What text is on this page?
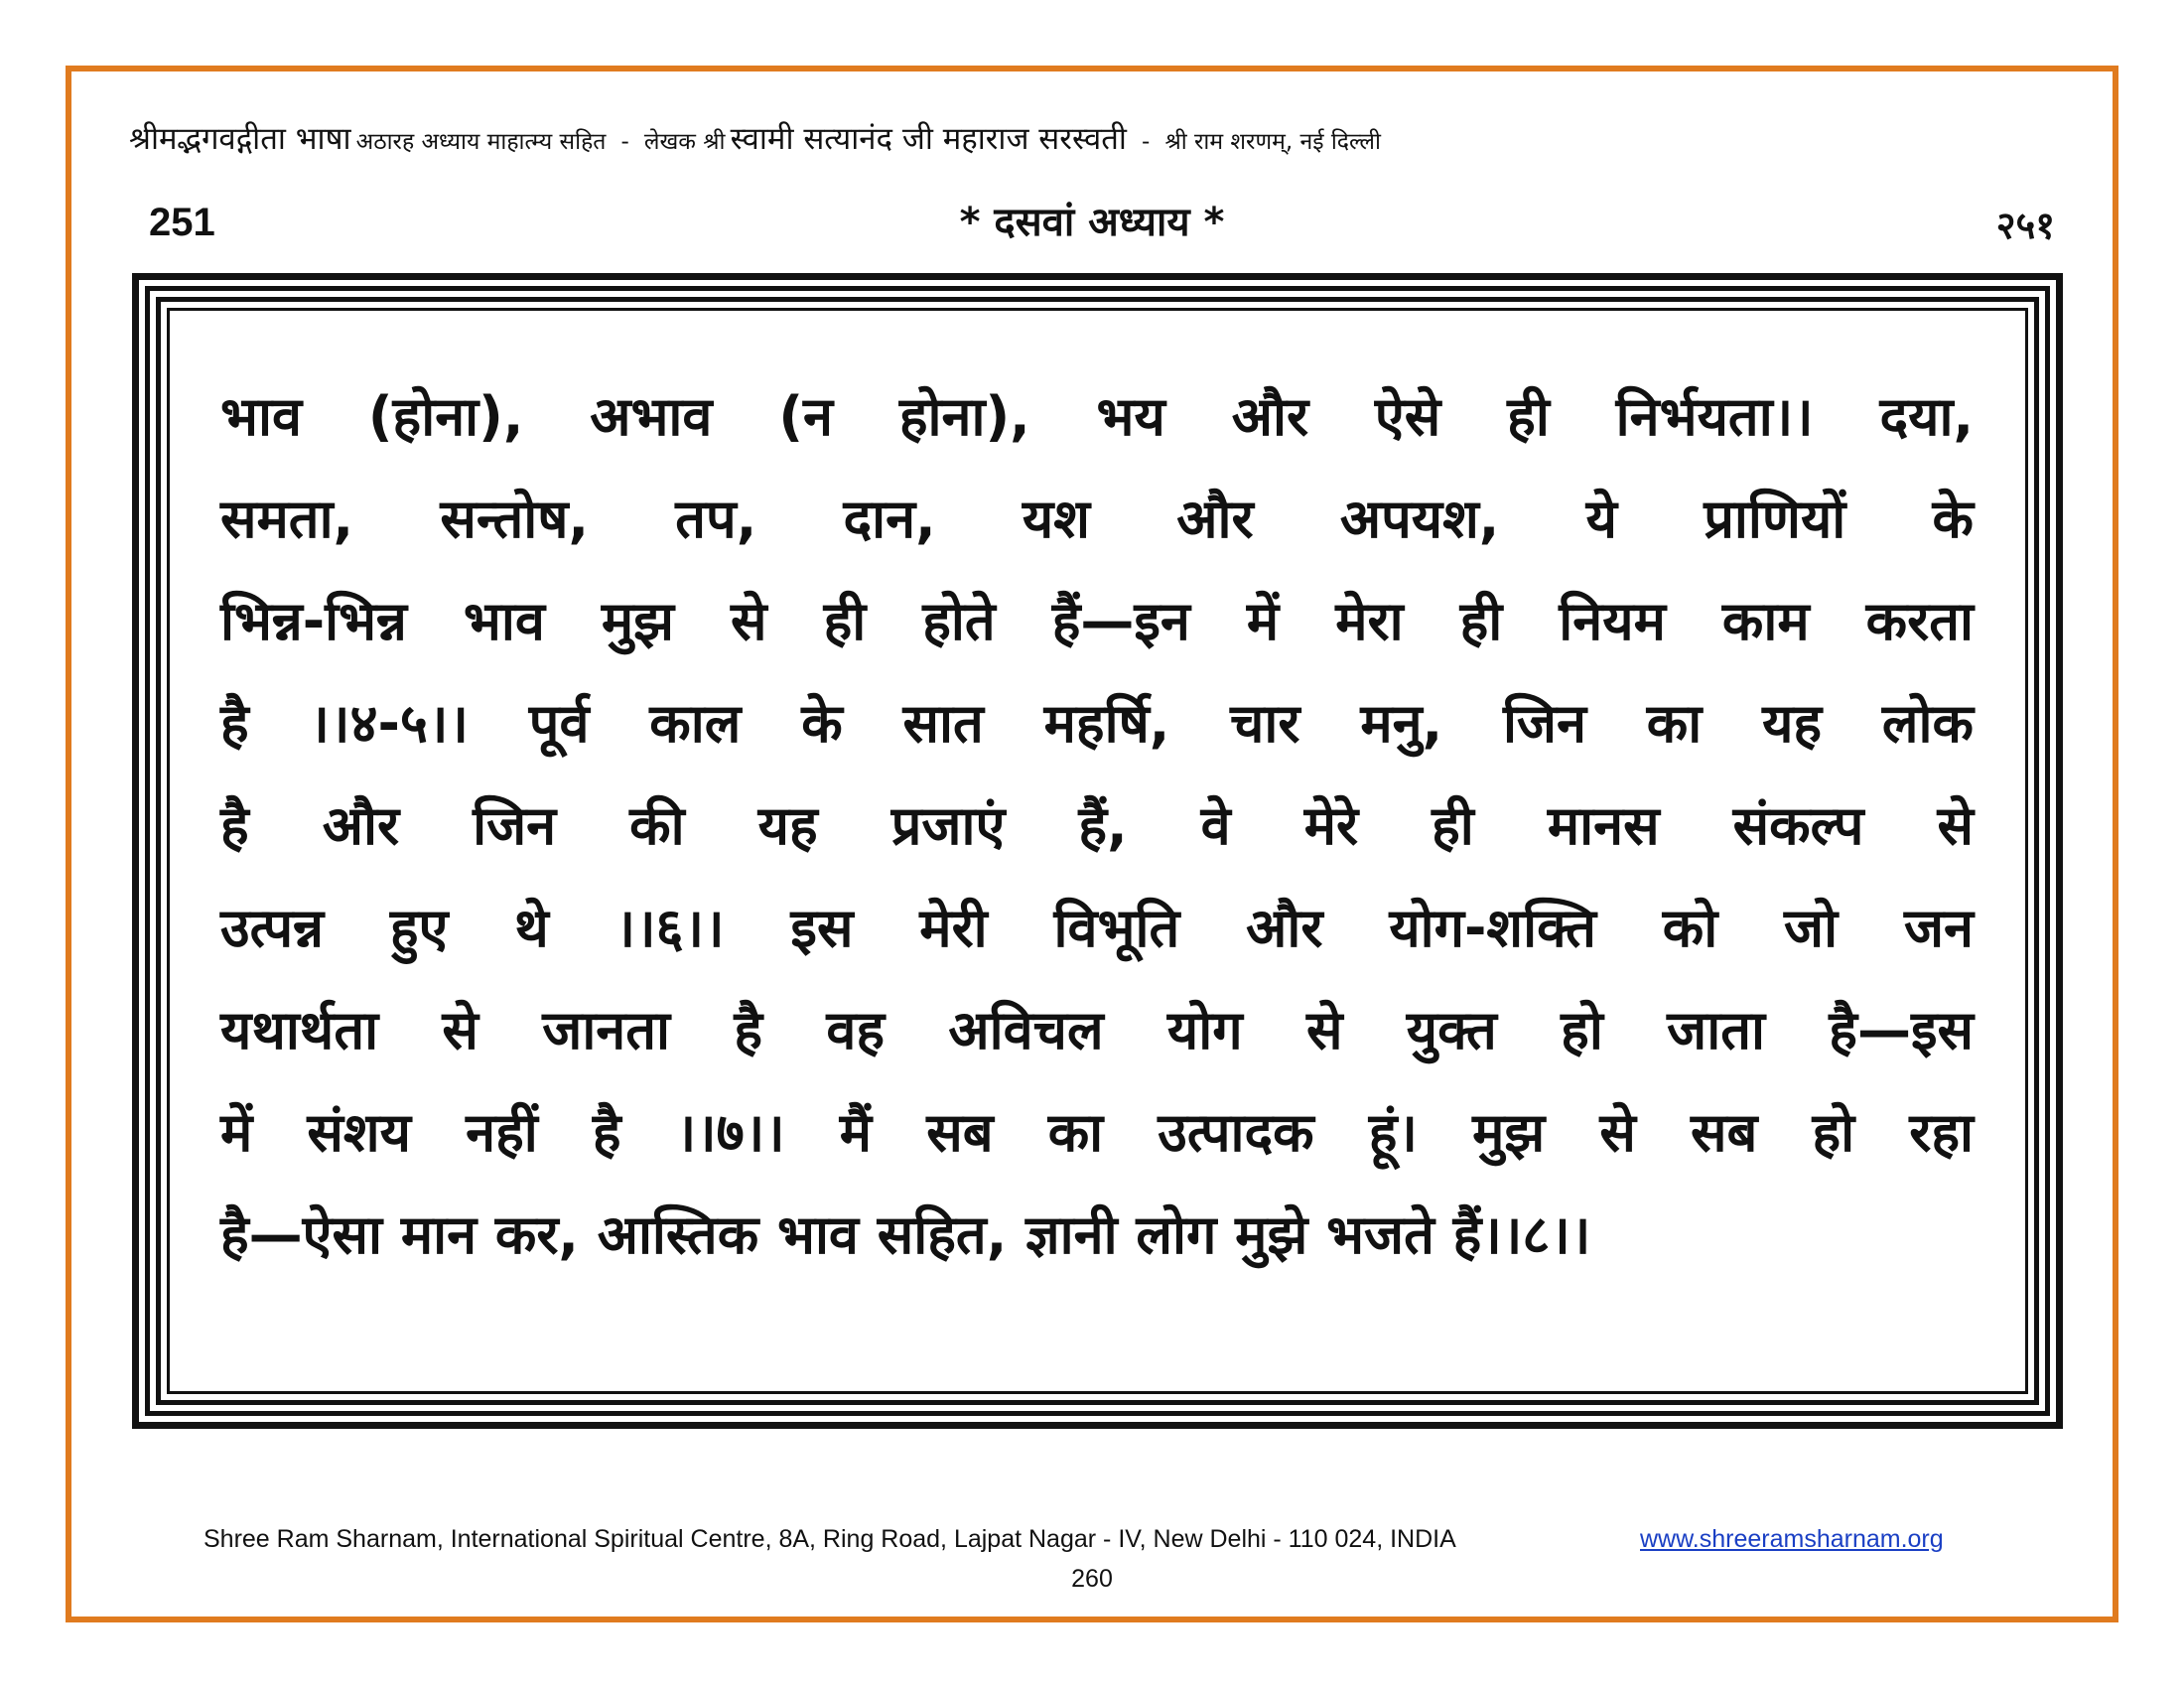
श्रीमद्भगवद्गीता भाषा अठारह अध्याय माहात्म्य सहित - लेखक श्री स्वामी सत्यानंद जी महाराज सरस्वती - श्री राम शरणम्, नई दिल्ली
251	* दसवां अध्याय *	२५१
भाव (होना), अभाव (न होना), भय और ऐसे ही निर्भयता।। दया,
समता, सन्तोष, तप, दान, यश और अपयश, ये प्राणियों के
भिन्न-भिन्न भाव मुझ से ही होते हैं—इन में मेरा ही नियम काम करता
है ।।४-५।। पूर्व काल के सात महर्षि, चार मनु, जिन का यह लोक
है और जिन की यह प्रजाएं हैं, वे मेरे ही मानस संकल्प से
उत्पन्न हुए थे ।।६।। इस मेरी विभूति और योग-शक्ति को जो जन
यथार्थता से जानता है वह अविचल योग से युक्त हो जाता है—इस
में संशय नहीं है ।।७।। मैं सब का उत्पादक हूं। मुझ से सब हो रहा
है—ऐसा मान कर, आस्तिक भाव सहित, ज्ञानी लोग मुझे भजते हैं।।८।।
Shree Ram Sharnam, International Spiritual Centre, 8A, Ring Road, Lajpat Nagar - IV, New Delhi - 110 024, INDIA	www.shreeramsharnam.org
260
